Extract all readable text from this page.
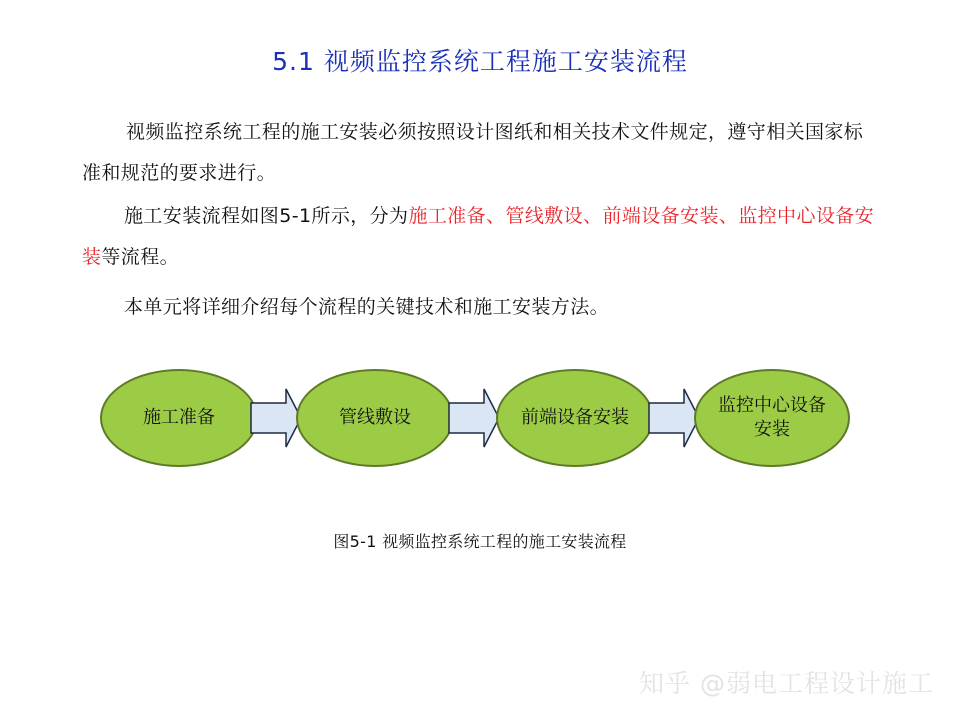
5.1 视频监控系统工程施工安装流程
视频监控系统工程的施工安装必须按照设计图纸和相关技术文件规定，遵守相关国家标准和规范的要求进行。
施工安装流程如图5-1所示，分为施工准备、管线敷设、前端设备安装、监控中心设备安装等流程。
本单元将详细介绍每个流程的关键技术和施工安装方法。
施工准备	管线敷设	前端设备安装
监控中心设备
安装
图5-1 视频监控系统工程的施工安装流程
知乎 @弱电工程设计施工
